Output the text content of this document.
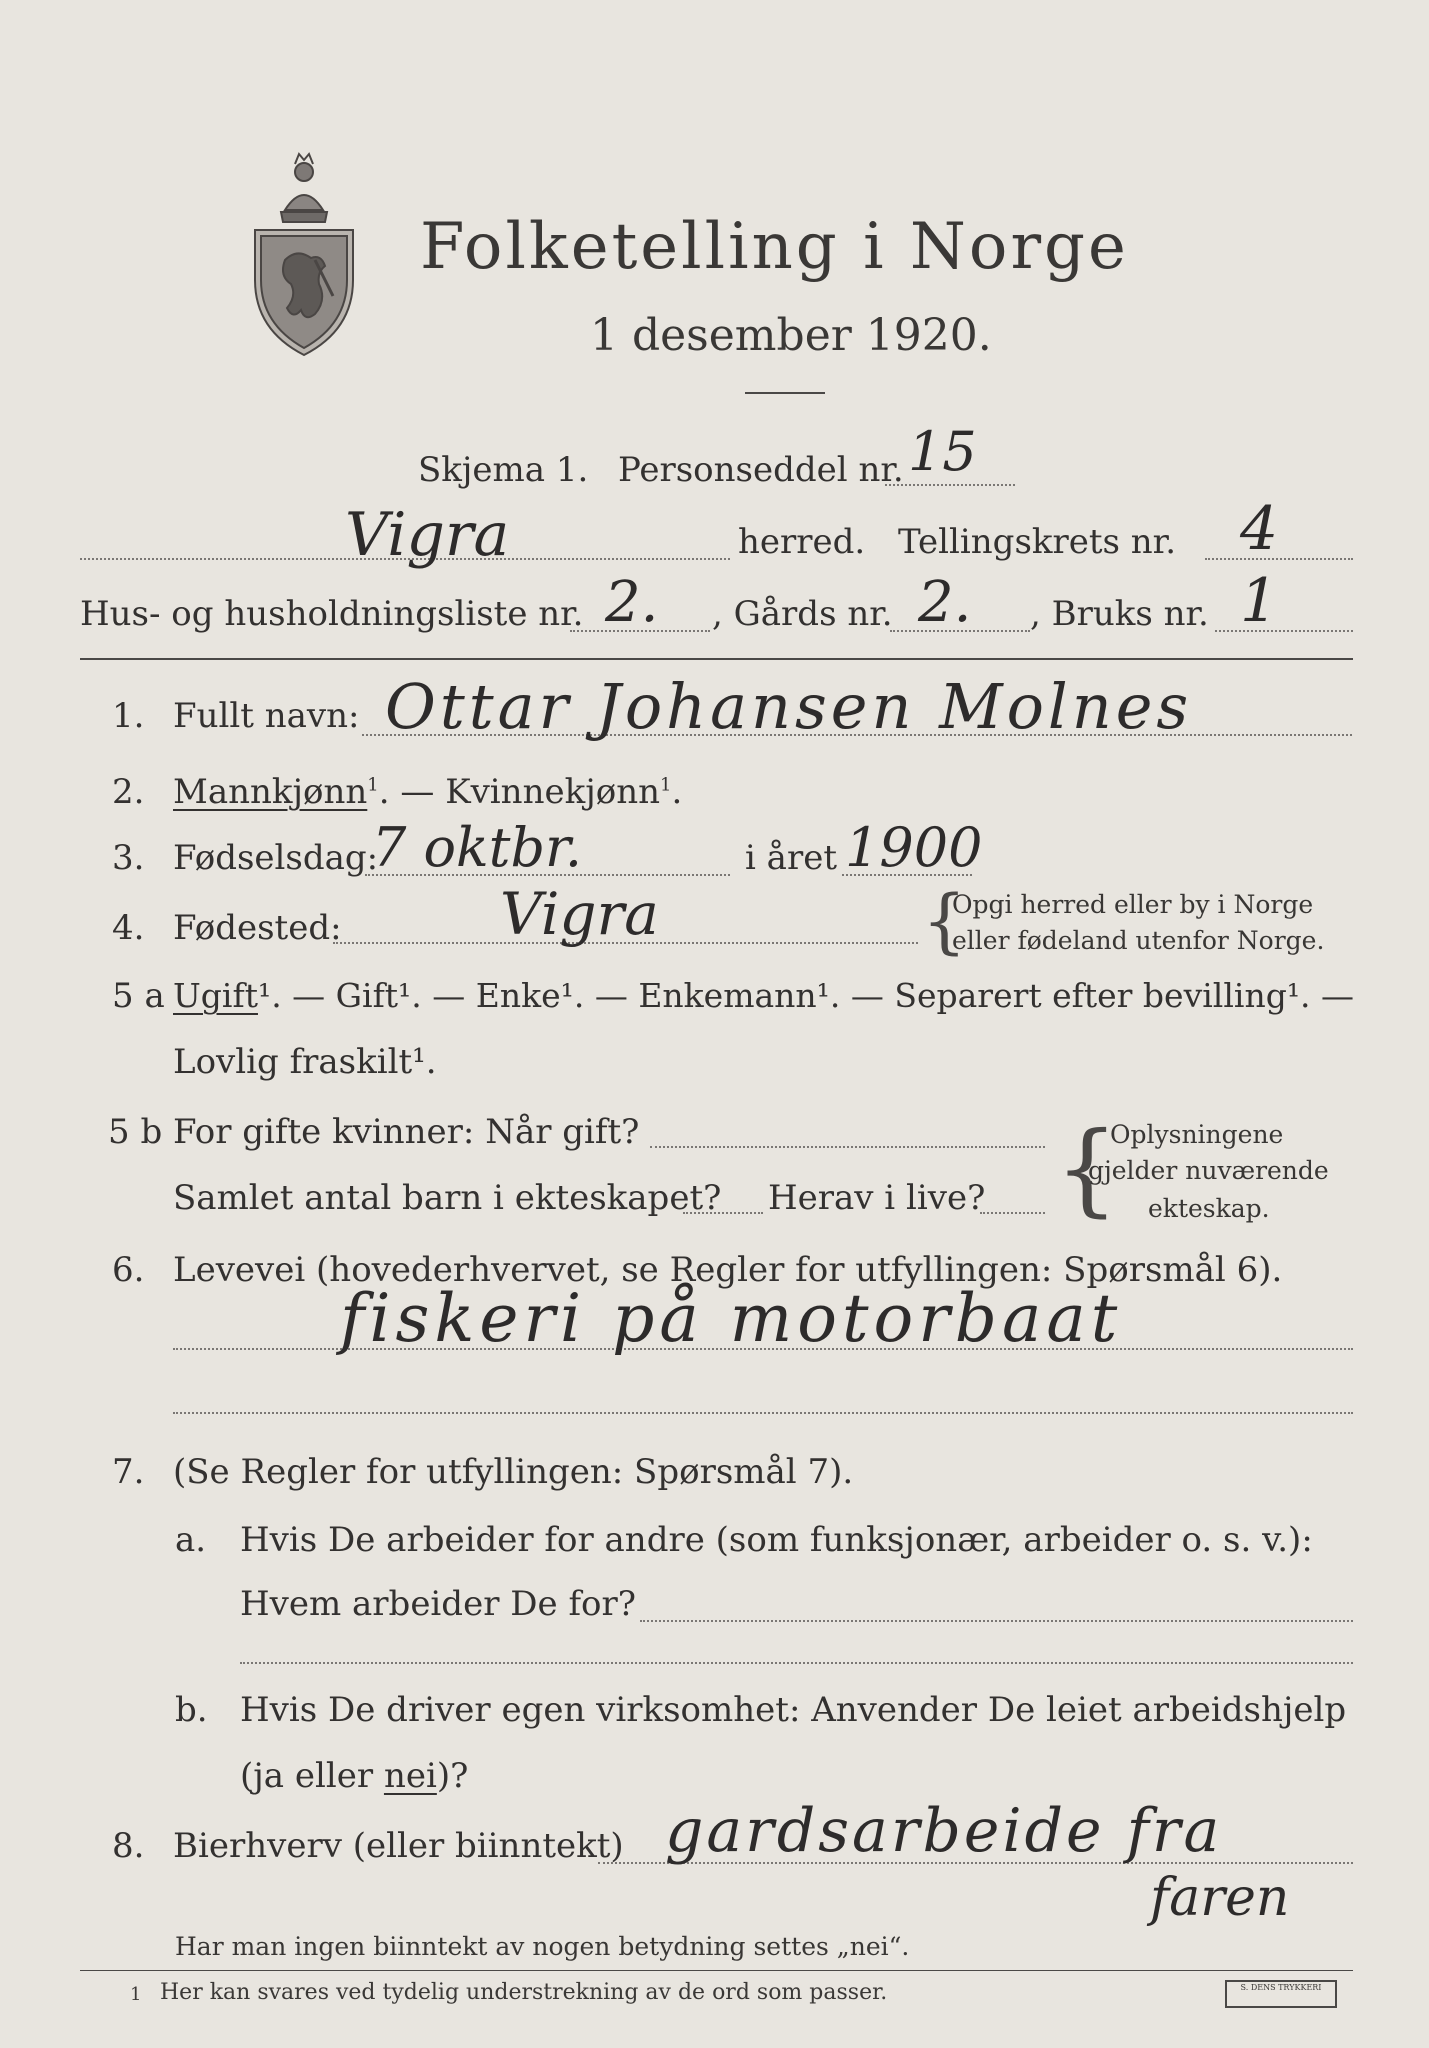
Folketelling i Norge
1 desember 1920.
Skjema 1. Personseddel nr. 15
Vigra	herred. Tellingskrets nr. 4
Hus- og husholdningsliste nr. 2. , Gårds nr. 2. , Bruks nr. 1
1. Fullt navn: Ottar Johansen Molnes
2. Mannkjønn$^1$. — Kvinnekjønn$^1$.
3. Fødselsdag:
7 oktbr.	i året 1900
4. Fødested:	Vigra	{
Opgi herred eller by i Norge
eller fødeland utenfor Norge.
5 a Ugift¹. — Gift¹. — Enke¹. — Enkemann¹. — Separert efter bevilling¹. —
Lovlig fraskilt¹.
5 b For gifte kvinner: Når gift?
Samlet antal barn i ekteskapet? Herav i live? {
Oplysningene
gjelder nuværende
ekteskap.
6. Levevei (hovederhvervet, se Regler for utfyllingen: Spørsmål 6).
fiskeri på motorbaat
7. (Se Regler for utfyllingen: Spørsmål 7).
a. Hvis De arbeider for andre (som funksjonær, arbeider o. s. v.):
Hvem arbeider De for?
b. Hvis De driver egen virksomhet: Anvender De leiet arbeidshjelp
(ja eller nei)?
8. Bierhverv (eller biinntekt) gardsarbeide fra
faren
Har man ingen biinntekt av nogen betydning settes „nei“.
1 Her kan svares ved tydelig understrekning av de ord som passer.	S. DENS TRYKKERI
